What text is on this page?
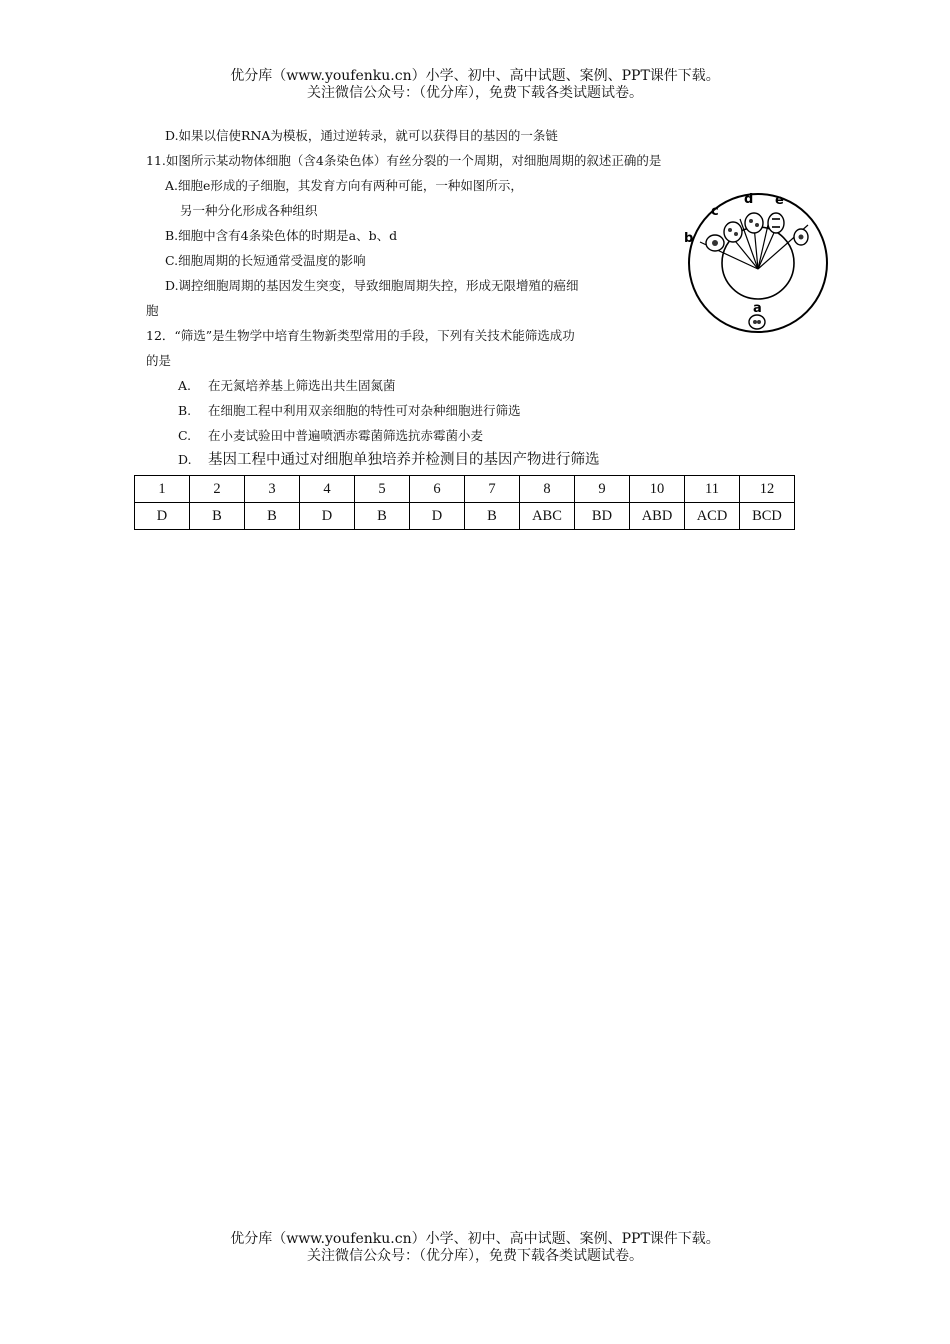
优分库（www.youfenku.cn）小学、初中、高中试题、案例、PPT课件下载。
关注微信公众号：（优分库），免费下载各类试题试卷。
D.如果以信使RNA为模板，通过逆转录，就可以获得目的基因的一条链
11.如图所示某动物体细胞（含4条染色体）有丝分裂的一个周期，对细胞周期的叙述正确的是
A.细胞e形成的子细胞，其发育方向有两种可能，一种如图所示，
另一种分化形成各种组织
B.细胞中含有4条染色体的时期是a、b、d
C.细胞周期的长短通常受温度的影响
D.调控细胞周期的基因发生突变，导致细胞周期失控，形成无限增殖的癌细
胞
b
c
d e
a
12．“筛选”是生物学中培育生物新类型常用的手段，下列有关技术能筛选成功
的是
A. 在无氮培养基上筛选出共生固氮菌
B. 在细胞工程中利用双亲细胞的特性可对杂种细胞进行筛选
C. 在小麦试验田中普遍喷洒赤霉菌筛选抗赤霉菌小麦
D. 基因工程中通过对细胞单独培养并检测目的基因产物进行筛选
1	2	3	4	5	6	7	8	9	10	11	12
D	B	B	D	B	D	B	ABC	BD	ABD	ACD	BCD
优分库（www.youfenku.cn）小学、初中、高中试题、案例、PPT课件下载。
关注微信公众号：（优分库），免费下载各类试题试卷。
